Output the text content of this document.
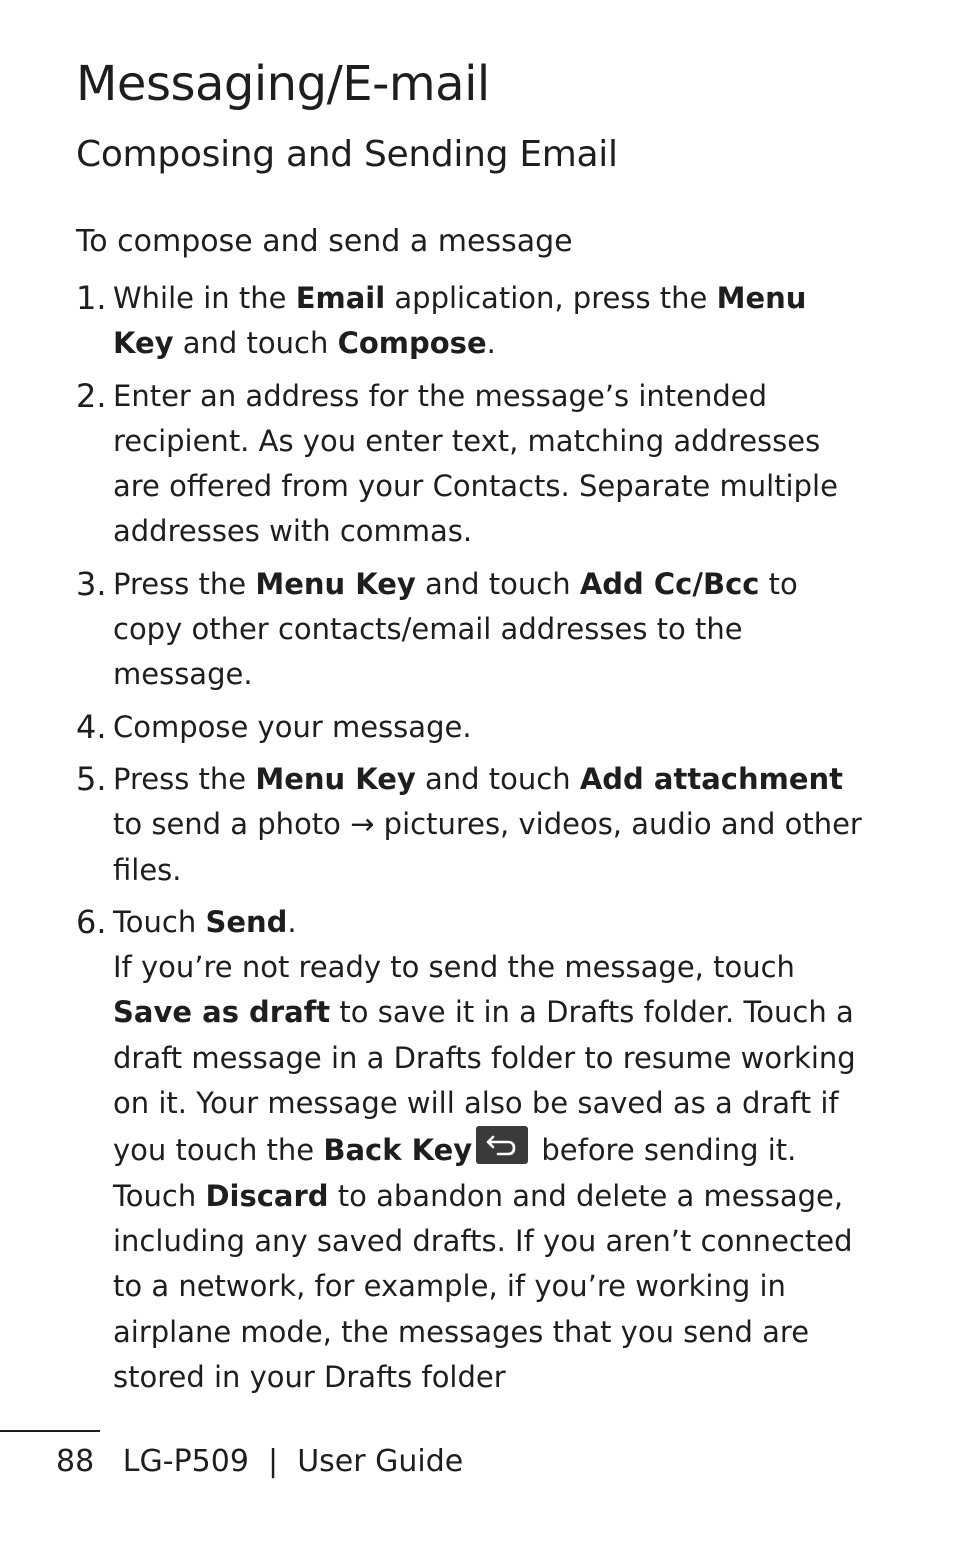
Messaging/E-mail
Composing and Sending Email
To compose and send a message
1. While in the Email application, press the Menu Key and touch Compose.
2. Enter an address for the message’s intended recipient. As you enter text, matching addresses are offered from your Contacts. Separate multiple addresses with commas.
3. Press the Menu Key and touch Add Cc/Bcc to copy other contacts/email addresses to the message.
4. Compose your message.
5. Press the Menu Key and touch Add attachment to send a photo → pictures, videos, audio and other files.
6. Touch Send.
If you’re not ready to send the message, touch Save as draft to save it in a Drafts folder. Touch a draft message in a Drafts folder to resume working on it. Your message will also be saved as a draft if you touch the Back Key
before sending it. Touch Discard to abandon and delete a message, including any saved drafts. If you aren’t connected to a network, for example, if you’re working in airplane mode, the messages that you send are stored in your Drafts folder
88 LG-P509 | User Guide
